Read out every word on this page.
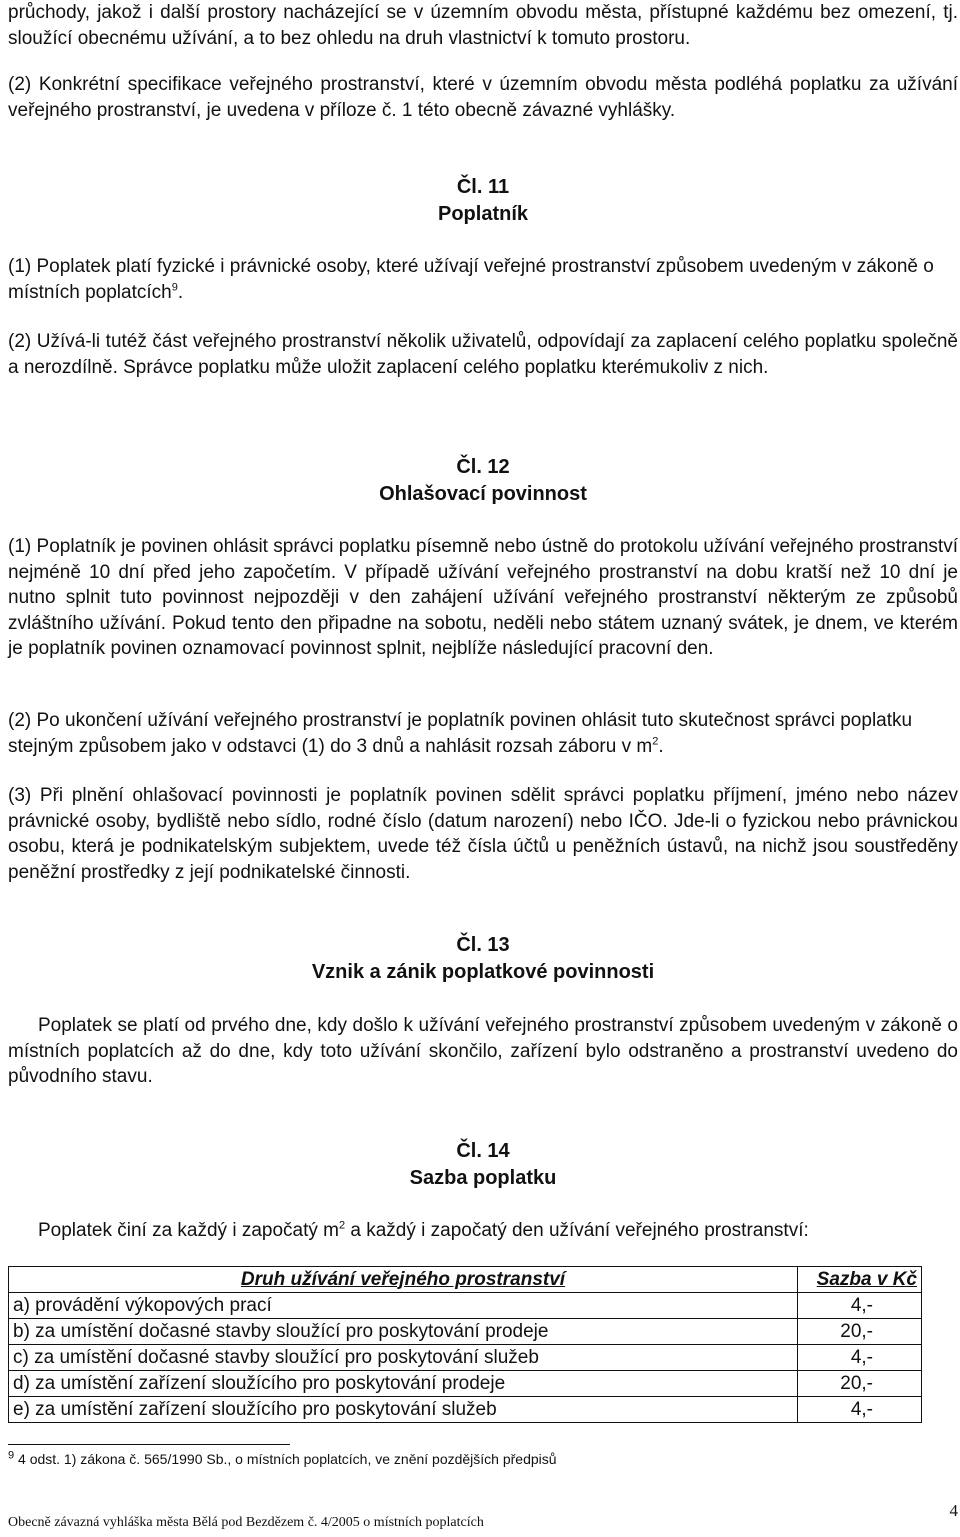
průchody, jakož i další prostory nacházející se v územním obvodu města, přístupné každému bez omezení, tj. sloužící obecnému užívání, a to bez ohledu na druh vlastnictví k tomuto prostoru.

(2) Konkrétní specifikace veřejného prostranství, které v územním obvodu města podléhá poplatku za užívání veřejného prostranství, je uvedena v příloze č. 1 této obecně závazné vyhlášky.

Čl. 11
Poplatník

(1) Poplatek platí fyzické i právnické osoby, které užívají veřejné prostranství způsobem uvedeným v zákoně o místních poplatcích$^9$.

(2) Užívá-li tutéž část veřejného prostranství několik uživatelů, odpovídají za zaplacení celého poplatku společně a nerozdílně. Správce poplatku může uložit zaplacení celého poplatku kterémukoliv z nich.

Čl. 12
Ohlašovací povinnost

(1) Poplatník je povinen ohlásit správci poplatku písemně nebo ústně do protokolu užívání veřejného prostranství nejméně 10 dní před jeho započetím. V případě užívání veřejného prostranství na dobu kratší než 10 dní je nutno splnit tuto povinnost nejpozději v den zahájení užívání veřejného prostranství některým ze způsobů zvláštního užívání. Pokud tento den připadne na sobotu, neděli nebo státem uznaný svátek, je dnem, ve kterém je poplatník povinen oznamovací povinnost splnit, nejblíže následující pracovní den.

(2) Po ukončení užívání veřejného prostranství je poplatník povinen ohlásit tuto skutečnost správci poplatku stejným způsobem jako v odstavci (1) do 3 dnů a nahlásit rozsah záboru v $m^2$.

(3) Při plnění ohlašovací povinnosti je poplatník povinen sdělit správci poplatku příjmení, jméno nebo název právnické osoby, bydliště nebo sídlo, rodné číslo (datum narození) nebo IČO. Jde-li o fyzickou nebo právnickou osobu, která je podnikatelským subjektem, uvede též čísla účtů u peněžních ústavů, na nichž jsou soustředěny peněžní prostředky z její podnikatelské činnosti.

Čl. 13
Vznik a zánik poplatkové povinnosti

Poplatek se platí od prvého dne, kdy došlo k užívání veřejného prostranství způsobem uvedeným v zákoně o místních poplatcích až do dne, kdy toto užívání skončilo, zařízení bylo odstraněno a prostranství uvedeno do původního stavu.

Čl. 14
Sazba poplatku

Poplatek činí za každý i započatý $m^2$ a každý i započatý den užívání veřejného prostranství:

Druh užívání veřejného prostranství	Sazba v Kč
a) provádění výkopových prací	4,-
b) za umístění dočasné stavby sloužící pro poskytování prodeje	20,-
c) za umístění dočasné stavby sloužící pro poskytování služeb	4,-
d) za umístění zařízení sloužícího pro poskytování prodeje	20,-
e) za umístění zařízení sloužícího pro poskytování služeb	4,-
$^9$ 4 odst. 1) zákona č. 565/1990 Sb., o místních poplatcích, ve znění pozdějších předpisů
4
Obecně závazná vyhláška města Bělá pod Bezdězem č. 4/2005 o místních poplatcích
